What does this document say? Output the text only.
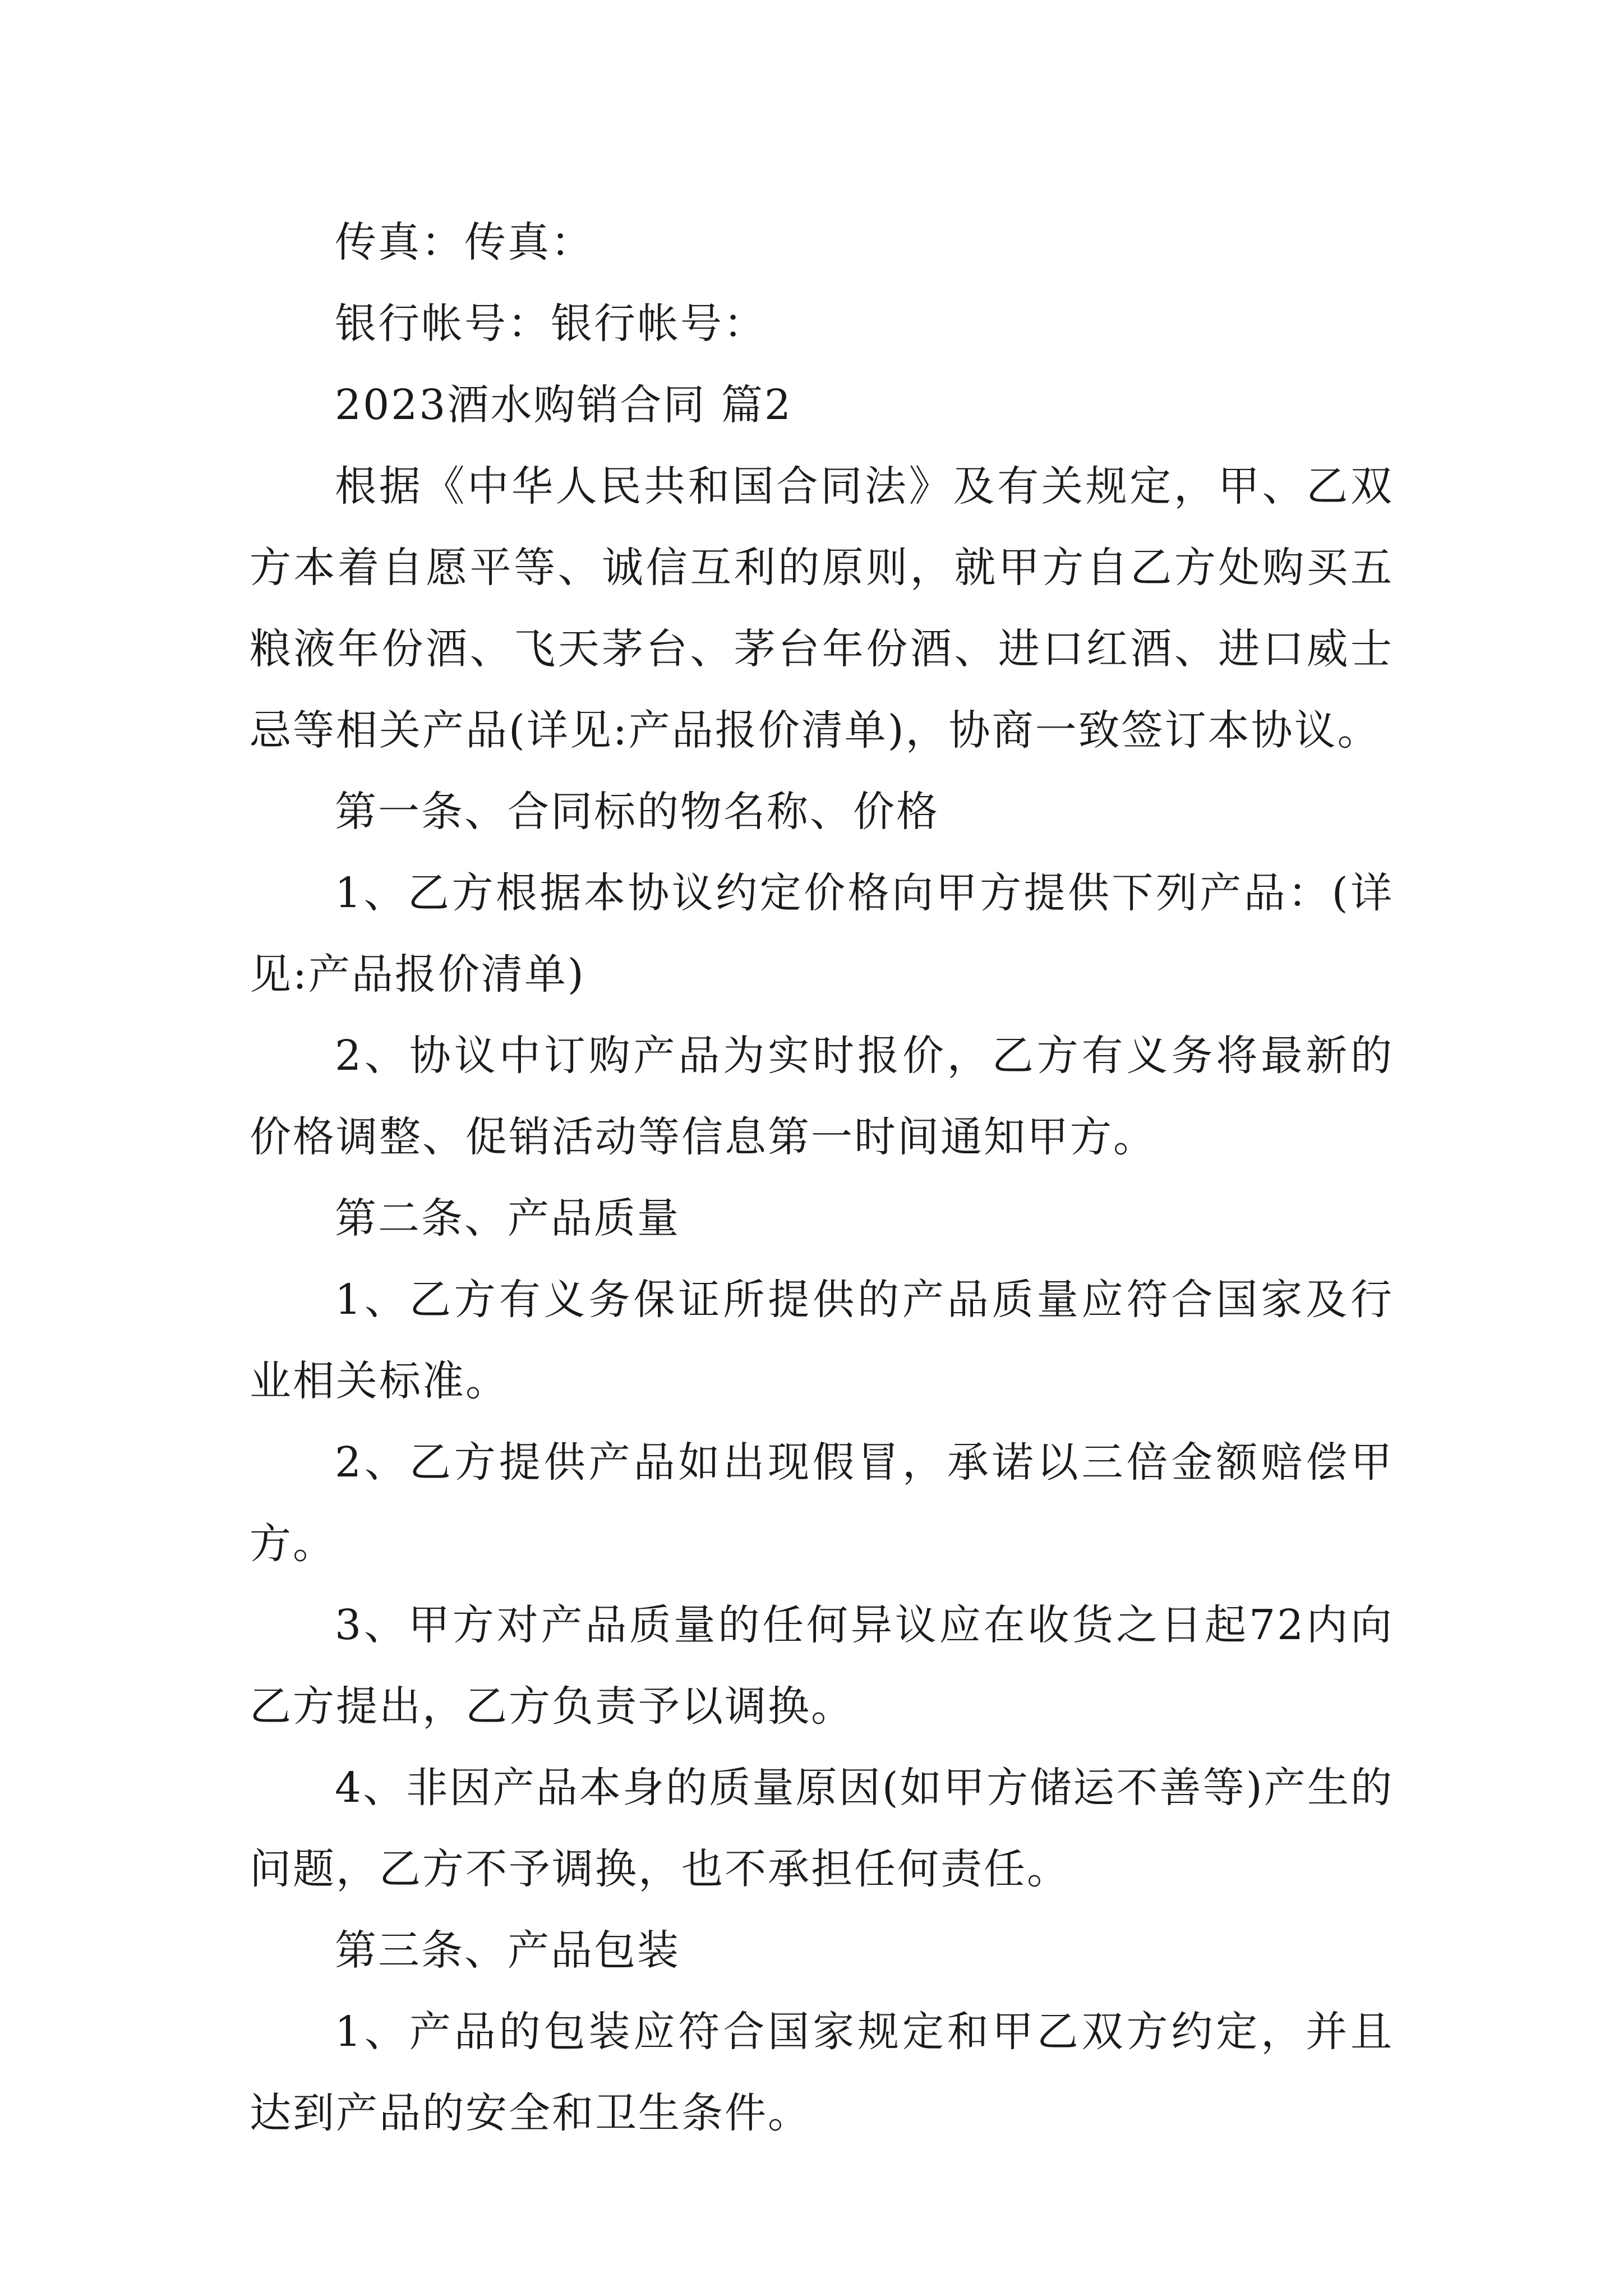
传真：传真：

银行帐号：银行帐号：

2023酒水购销合同 篇2

根据《中华人民共和国合同法》及有关规定，甲、乙双方本着自愿平等、诚信互利的原则，就甲方自乙方处购买五粮液年份酒、飞天茅台、茅台年份酒、进口红酒、进口威士忌等相关产品(详见:产品报价清单)，协商一致签订本协议。

第一条、合同标的物名称、价格

1、乙方根据本协议约定价格向甲方提供下列产品：(详见:产品报价清单)

2、协议中订购产品为实时报价，乙方有义务将最新的价格调整、促销活动等信息第一时间通知甲方。

第二条、产品质量

1、乙方有义务保证所提供的产品质量应符合国家及行业相关标准。

2、乙方提供产品如出现假冒，承诺以三倍金额赔偿甲方。

3、甲方对产品质量的任何异议应在收货之日起72内向乙方提出，乙方负责予以调换。

4、非因产品本身的质量原因(如甲方储运不善等)产生的问题，乙方不予调换，也不承担任何责任。

第三条、产品包装

1、产品的包装应符合国家规定和甲乙双方约定，并且达到产品的安全和卫生条件。
